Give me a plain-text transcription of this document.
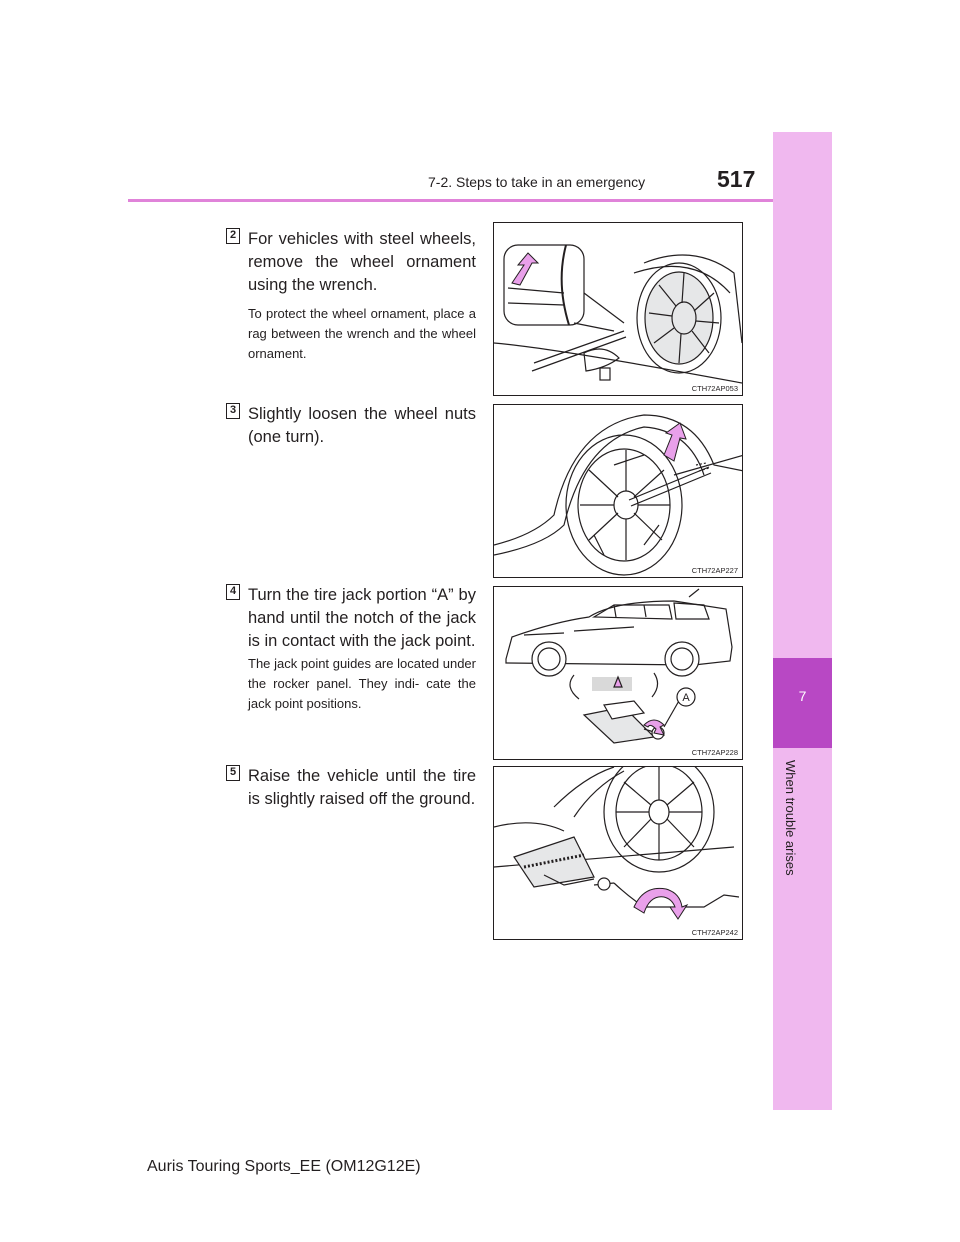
7-2. Steps to take in an emergency	517
7
When trouble arises
2 For vehicles with steel wheels, remove the wheel ornament using the wrench.
To protect the wheel ornament, place a rag between the wrench and the wheel ornament.
CTH72AP053
3 Slightly loosen the wheel nuts (one turn).
CTH72AP227
4 Turn the tire jack portion “A” by hand until the notch of the jack is in contact with the jack point.
The jack point guides are located under the rocker panel. They indi- cate the jack point positions.	A
CTH72AP228
5 Raise the vehicle until the tire is slightly raised off the ground.
CTH72AP242
Auris Touring Sports_EE (OM12G12E)
